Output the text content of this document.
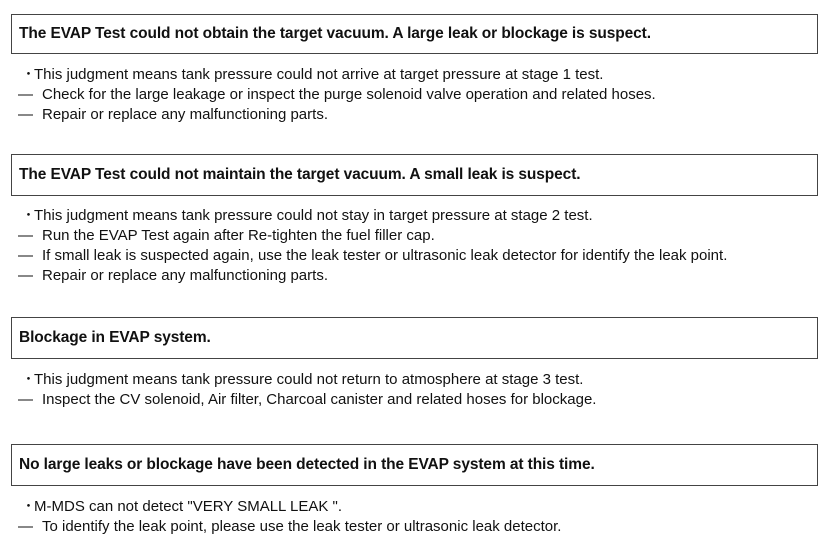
The EVAP Test could not obtain the target vacuum. A large leak or blockage is suspect.
・
This judgment means tank pressure could not arrive at target pressure at stage 1 test.
— Check for the large leakage or inspect the purge solenoid valve operation and related hoses.
— Repair or replace any malfunctioning parts.
The EVAP Test could not maintain the target vacuum. A small leak is suspect.
・
This judgment means tank pressure could not stay in target pressure at stage 2 test.
— Run the EVAP Test again after Re-tighten the fuel filler cap.
— If small leak is suspected again, use the leak tester or ultrasonic leak detector for identify the leak point.
— Repair or replace any malfunctioning parts.
Blockage in EVAP system.
・
This judgment means tank pressure could not return to atmosphere at stage 3 test.
— Inspect the CV solenoid, Air filter, Charcoal canister and related hoses for blockage.
No large leaks or blockage have been detected in the EVAP system at this time.
・
M-MDS can not detect "VERY SMALL LEAK ".
— To identify the leak point, please use the leak tester or ultrasonic leak detector.
